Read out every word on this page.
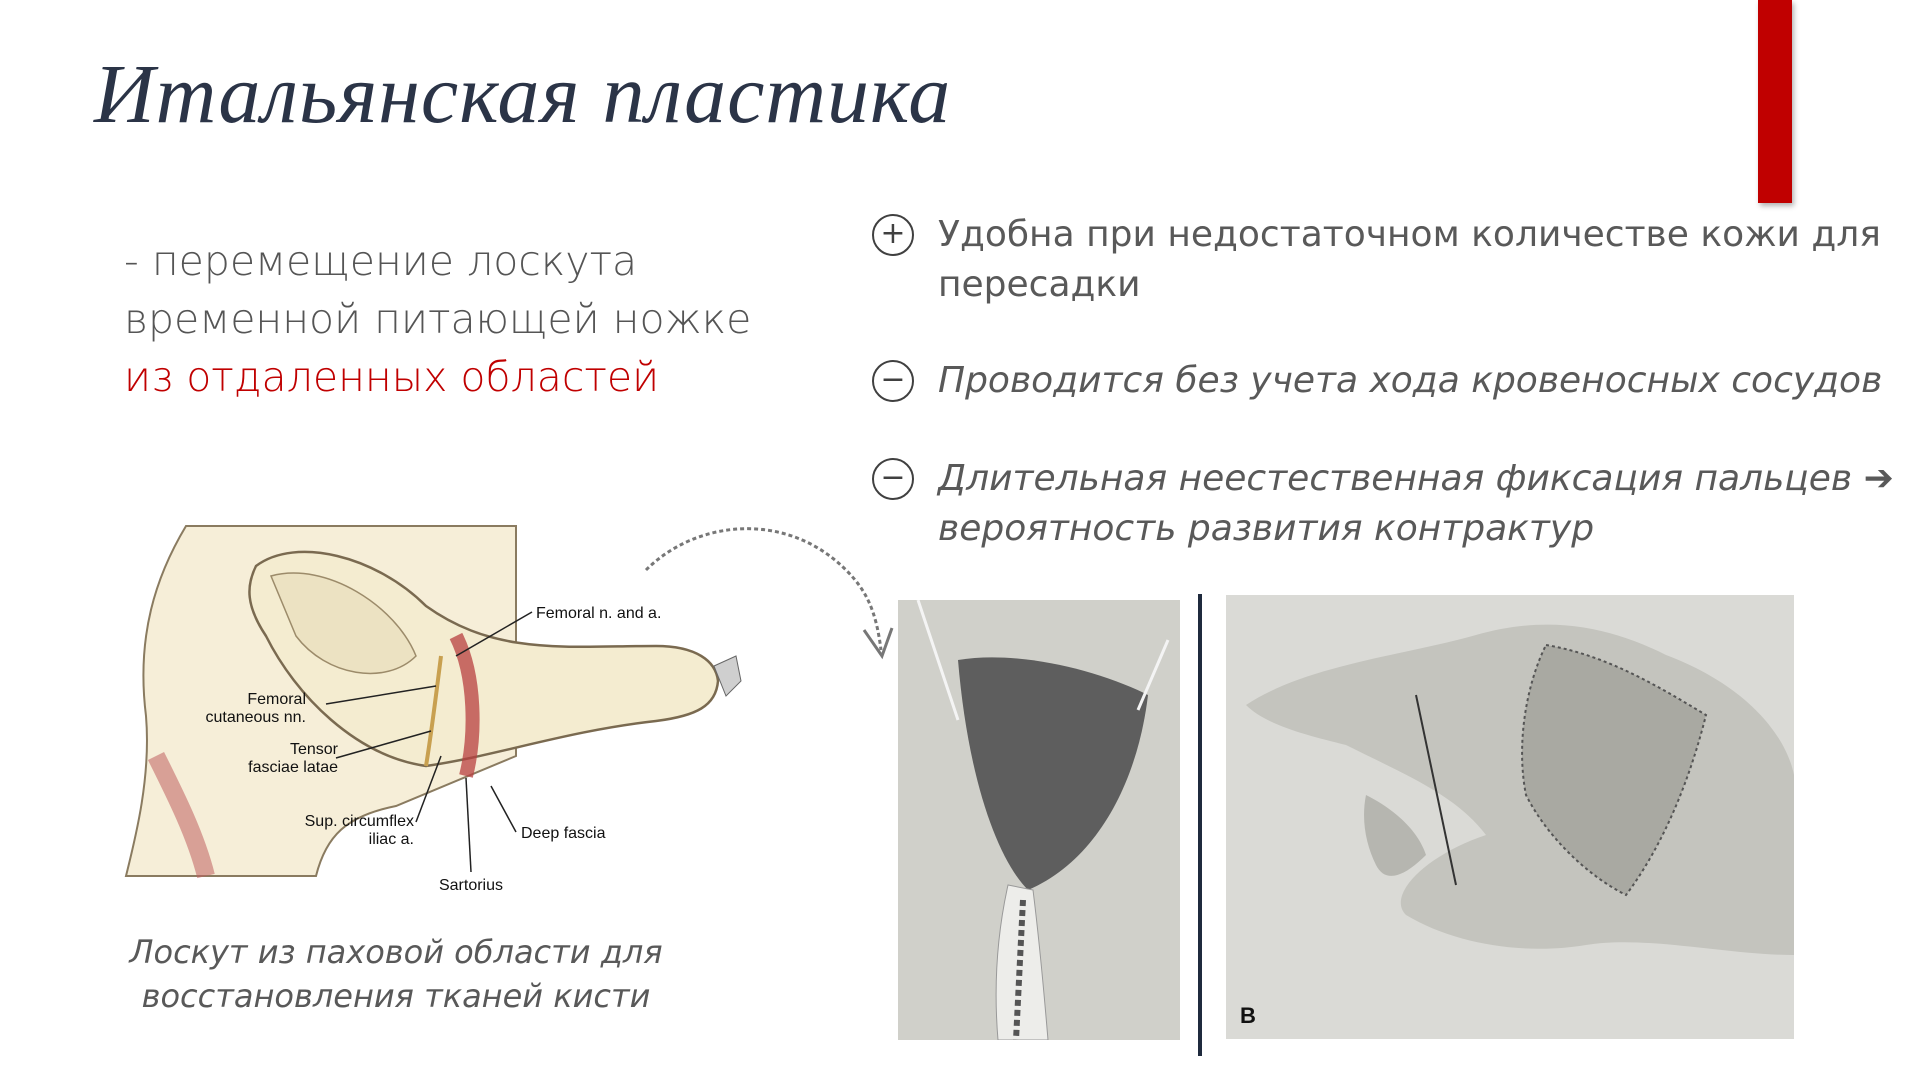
Итальянская пластика
- перемещение лоскута
временной питающей ножке
из отдаленных областей
+ Удобна при недостаточном количестве кожи для пересадки
− Проводится без учета хода кровеносных сосудов
− Длительная неестественная фиксация пальцев ➔ вероятность развития контрактур
Femoral n. and a.
Femoral
cutaneous nn.
Tensor
fasciae latae
Sup. circumflex
iliac a.	Deep fascia
Sartorius
Лоскут из паховой области для
восстановления тканей кисти
B
